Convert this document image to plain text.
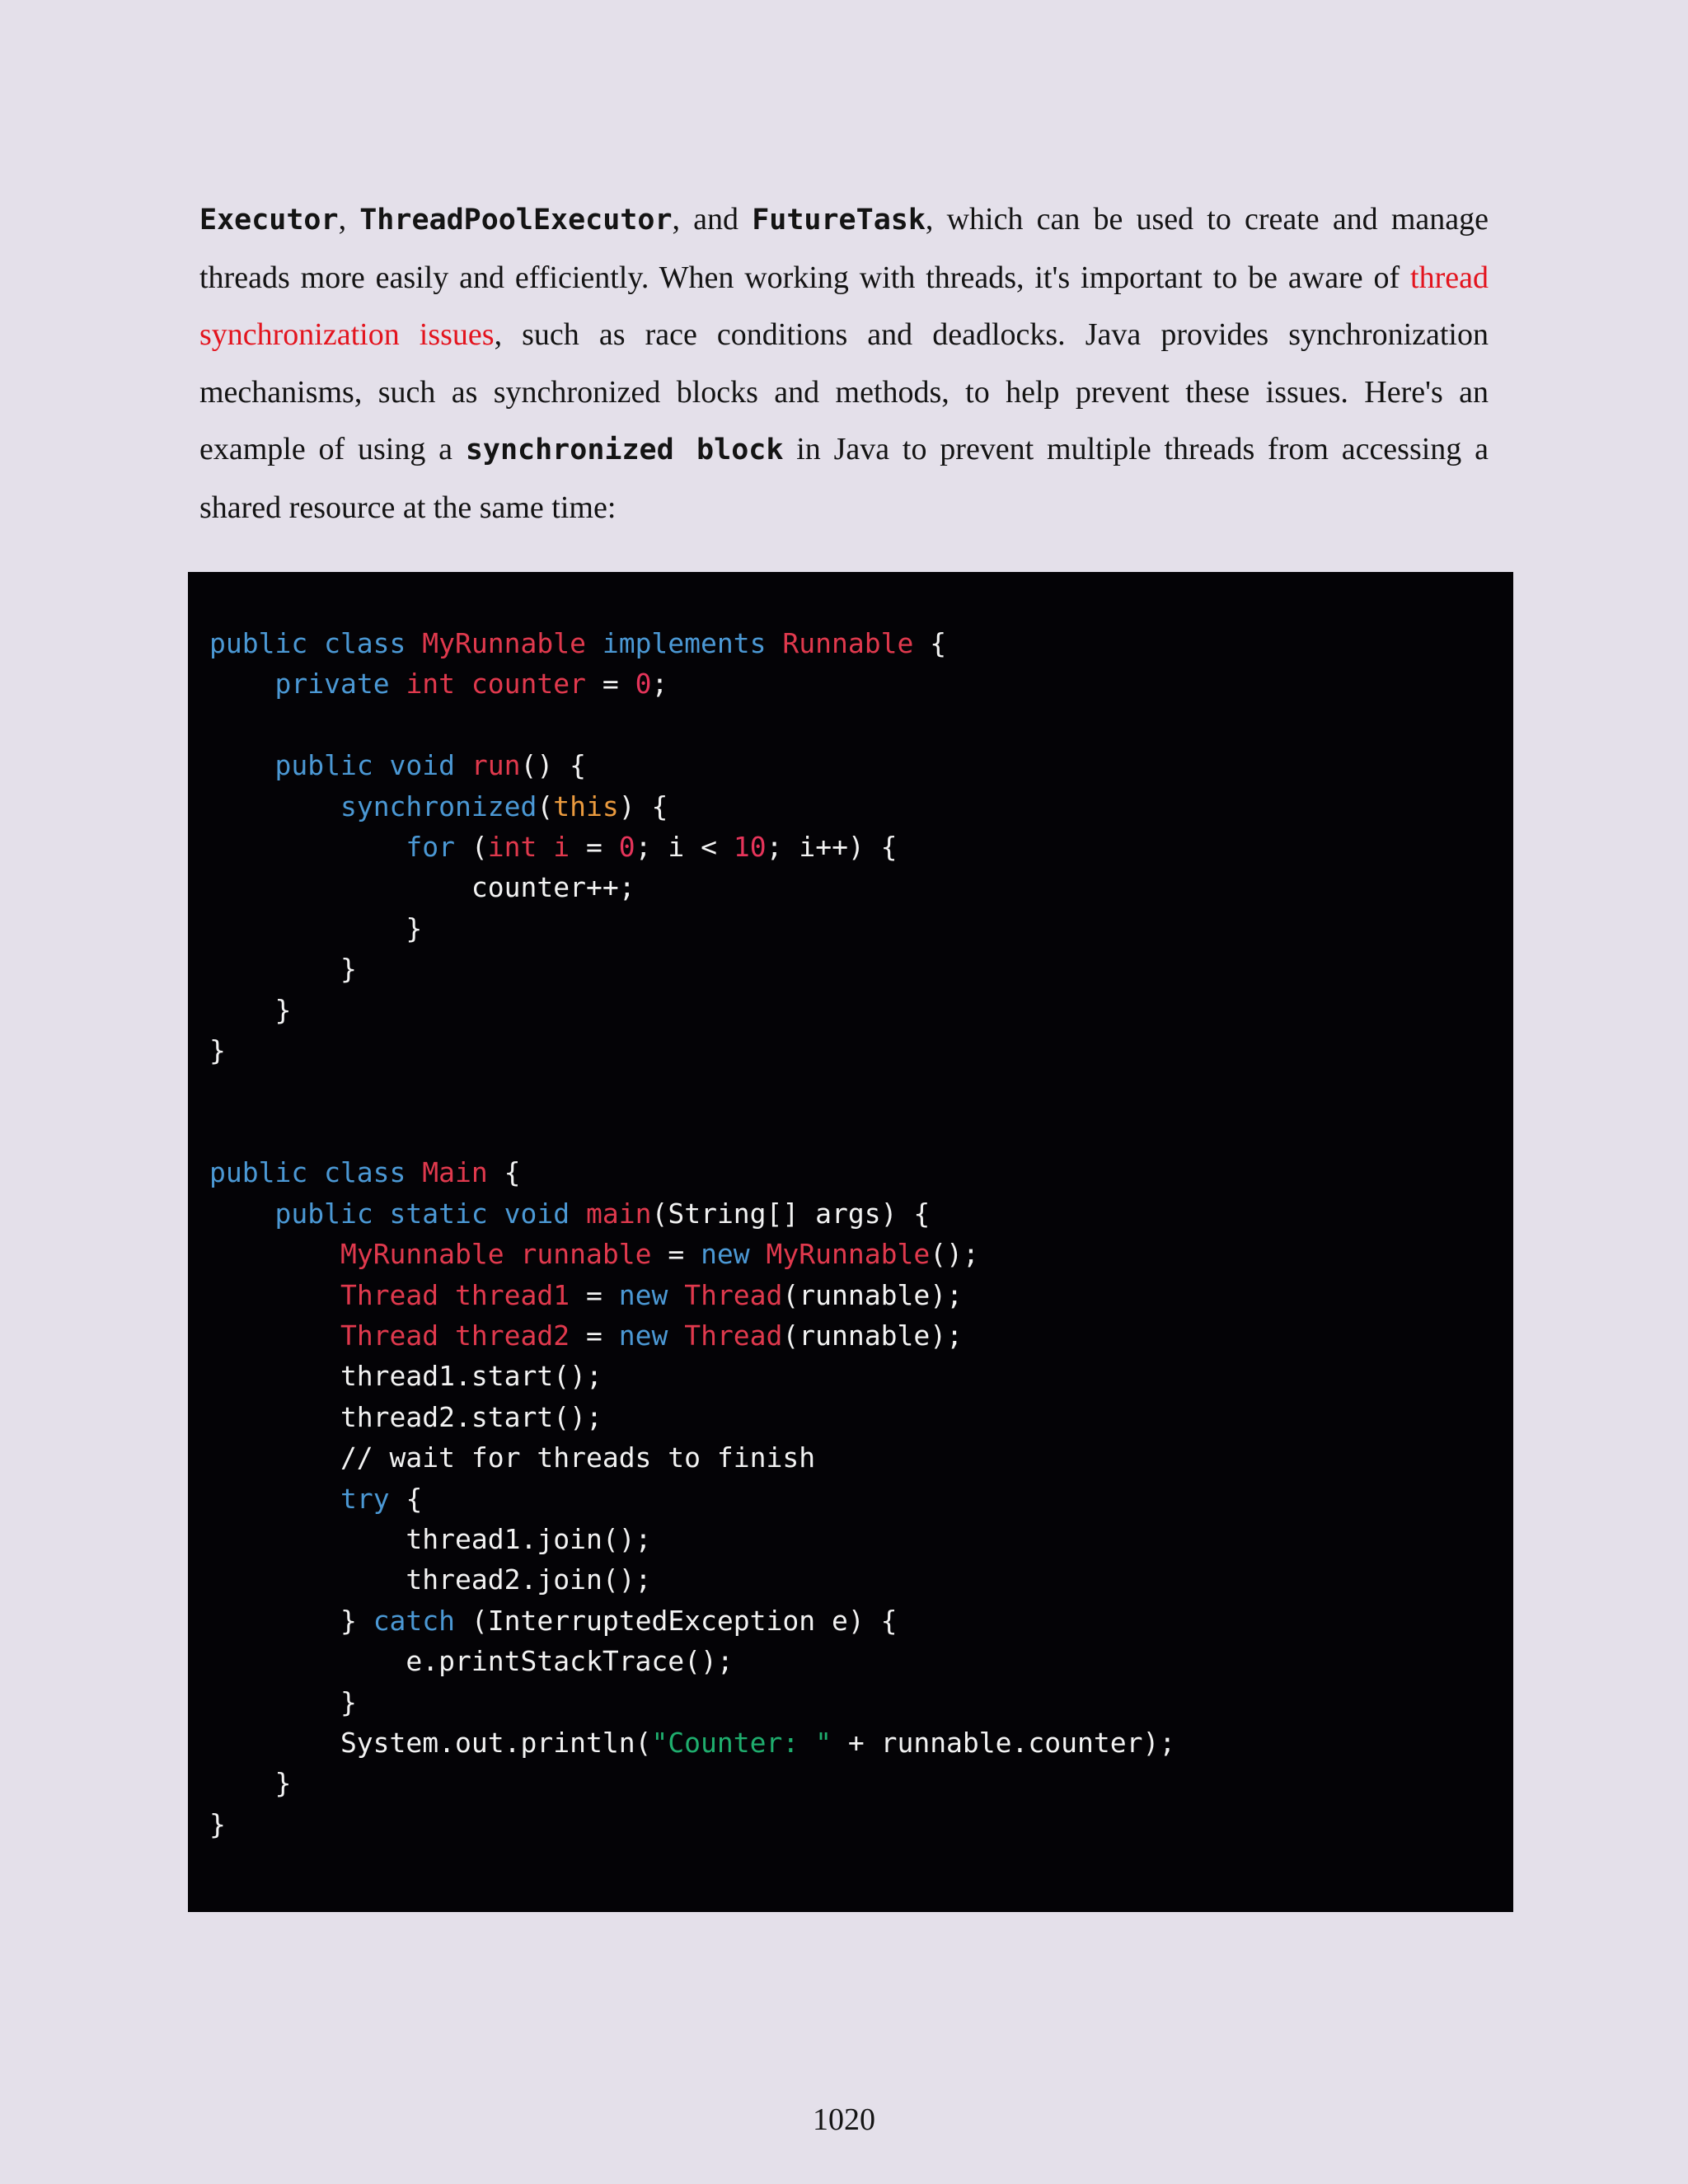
Executor, ThreadPoolExecutor, and FutureTask, which can be used to create and manage threads more easily and efficiently. When working with threads, it's important to be aware of thread synchronization issues, such as race conditions and deadlocks. Java provides synchronization mechanisms, such as synchronized blocks and methods, to help prevent these issues. Here's an example of using a synchronized block in Java to prevent multiple threads from accessing a shared resource at the same time:

public class MyRunnable implements Runnable {
private int counter = 0;

public void run() {
synchronized(this) {
for (int i = 0; i < 10; i++) {
counter++;
}
}
}
}

public class Main {
public static void main(String[] args) {
MyRunnable runnable = new MyRunnable();
Thread thread1 = new Thread(runnable);
Thread thread2 = new Thread(runnable);
thread1.start();
thread2.start();
// wait for threads to finish
try {
thread1.join();
thread2.join();
} catch (InterruptedException e) {
e.printStackTrace();
}
System.out.println("Counter: " + runnable.counter);
}
}
1020
